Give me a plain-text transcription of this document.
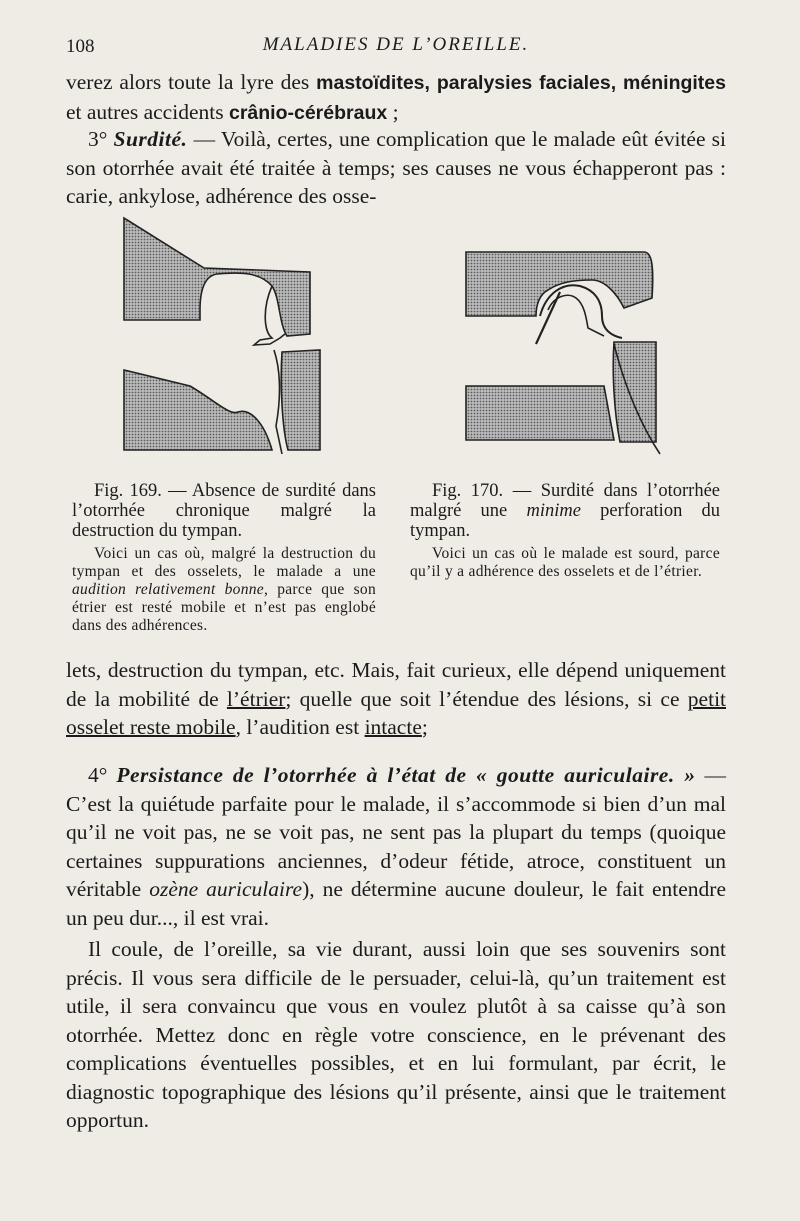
108	MALADIES DE L’OREILLE.

verez alors toute la lyre des mastoïdites, paralysies faciales, méningites et autres accidents crânio-cérébraux ;

3° Surdité. — Voilà, certes, une complication que le malade eût évitée si son otorrhée avait été traitée à temps; ses causes ne vous échapperont pas : carie, ankylose, adhérence des osse-

Fig. 169. — Absence de surdité dans l’otorrhée chronique malgré la destruction du tympan.

Fig. 170. — Surdité dans l’otorrhée malgré une minime perforation du tympan.

Voici un cas où, malgré la destruction du tympan et des osselets, le malade a une audition relativement bonne, parce que son étrier est resté mobile et n’est pas englobé dans des adhérences.

Voici un cas où le malade est sourd, parce qu’il y a adhérence des osselets et de l’étrier.

lets, destruction du tympan, etc. Mais, fait curieux, elle dépend uniquement de la mobilité de l’étrier; quelle que soit l’étendue des lésions, si ce petit osselet reste mobile, l’audition est intacte;

4° Persistance de l’otorrhée à l’état de « goutte auriculaire. » — C’est la quiétude parfaite pour le malade, il s’accommode si bien d’un mal qu’il ne voit pas, ne se voit pas, ne sent pas la plupart du temps (quoique certaines suppurations anciennes, d’odeur fétide, atroce, constituent un véritable ozène auriculaire), ne détermine aucune douleur, le fait entendre un peu dur..., il est vrai.

Il coule, de l’oreille, sa vie durant, aussi loin que ses souvenirs sont précis. Il vous sera difficile de le persuader, celui-là, qu’un traitement est utile, il sera convaincu que vous en voulez plutôt à sa caisse qu’à son otorrhée. Mettez donc en règle votre conscience, en le prévenant des complications éventuelles possibles, et en lui formulant, par écrit, le diagnostic topographique des lésions qu’il présente, ainsi que le traitement opportun.
